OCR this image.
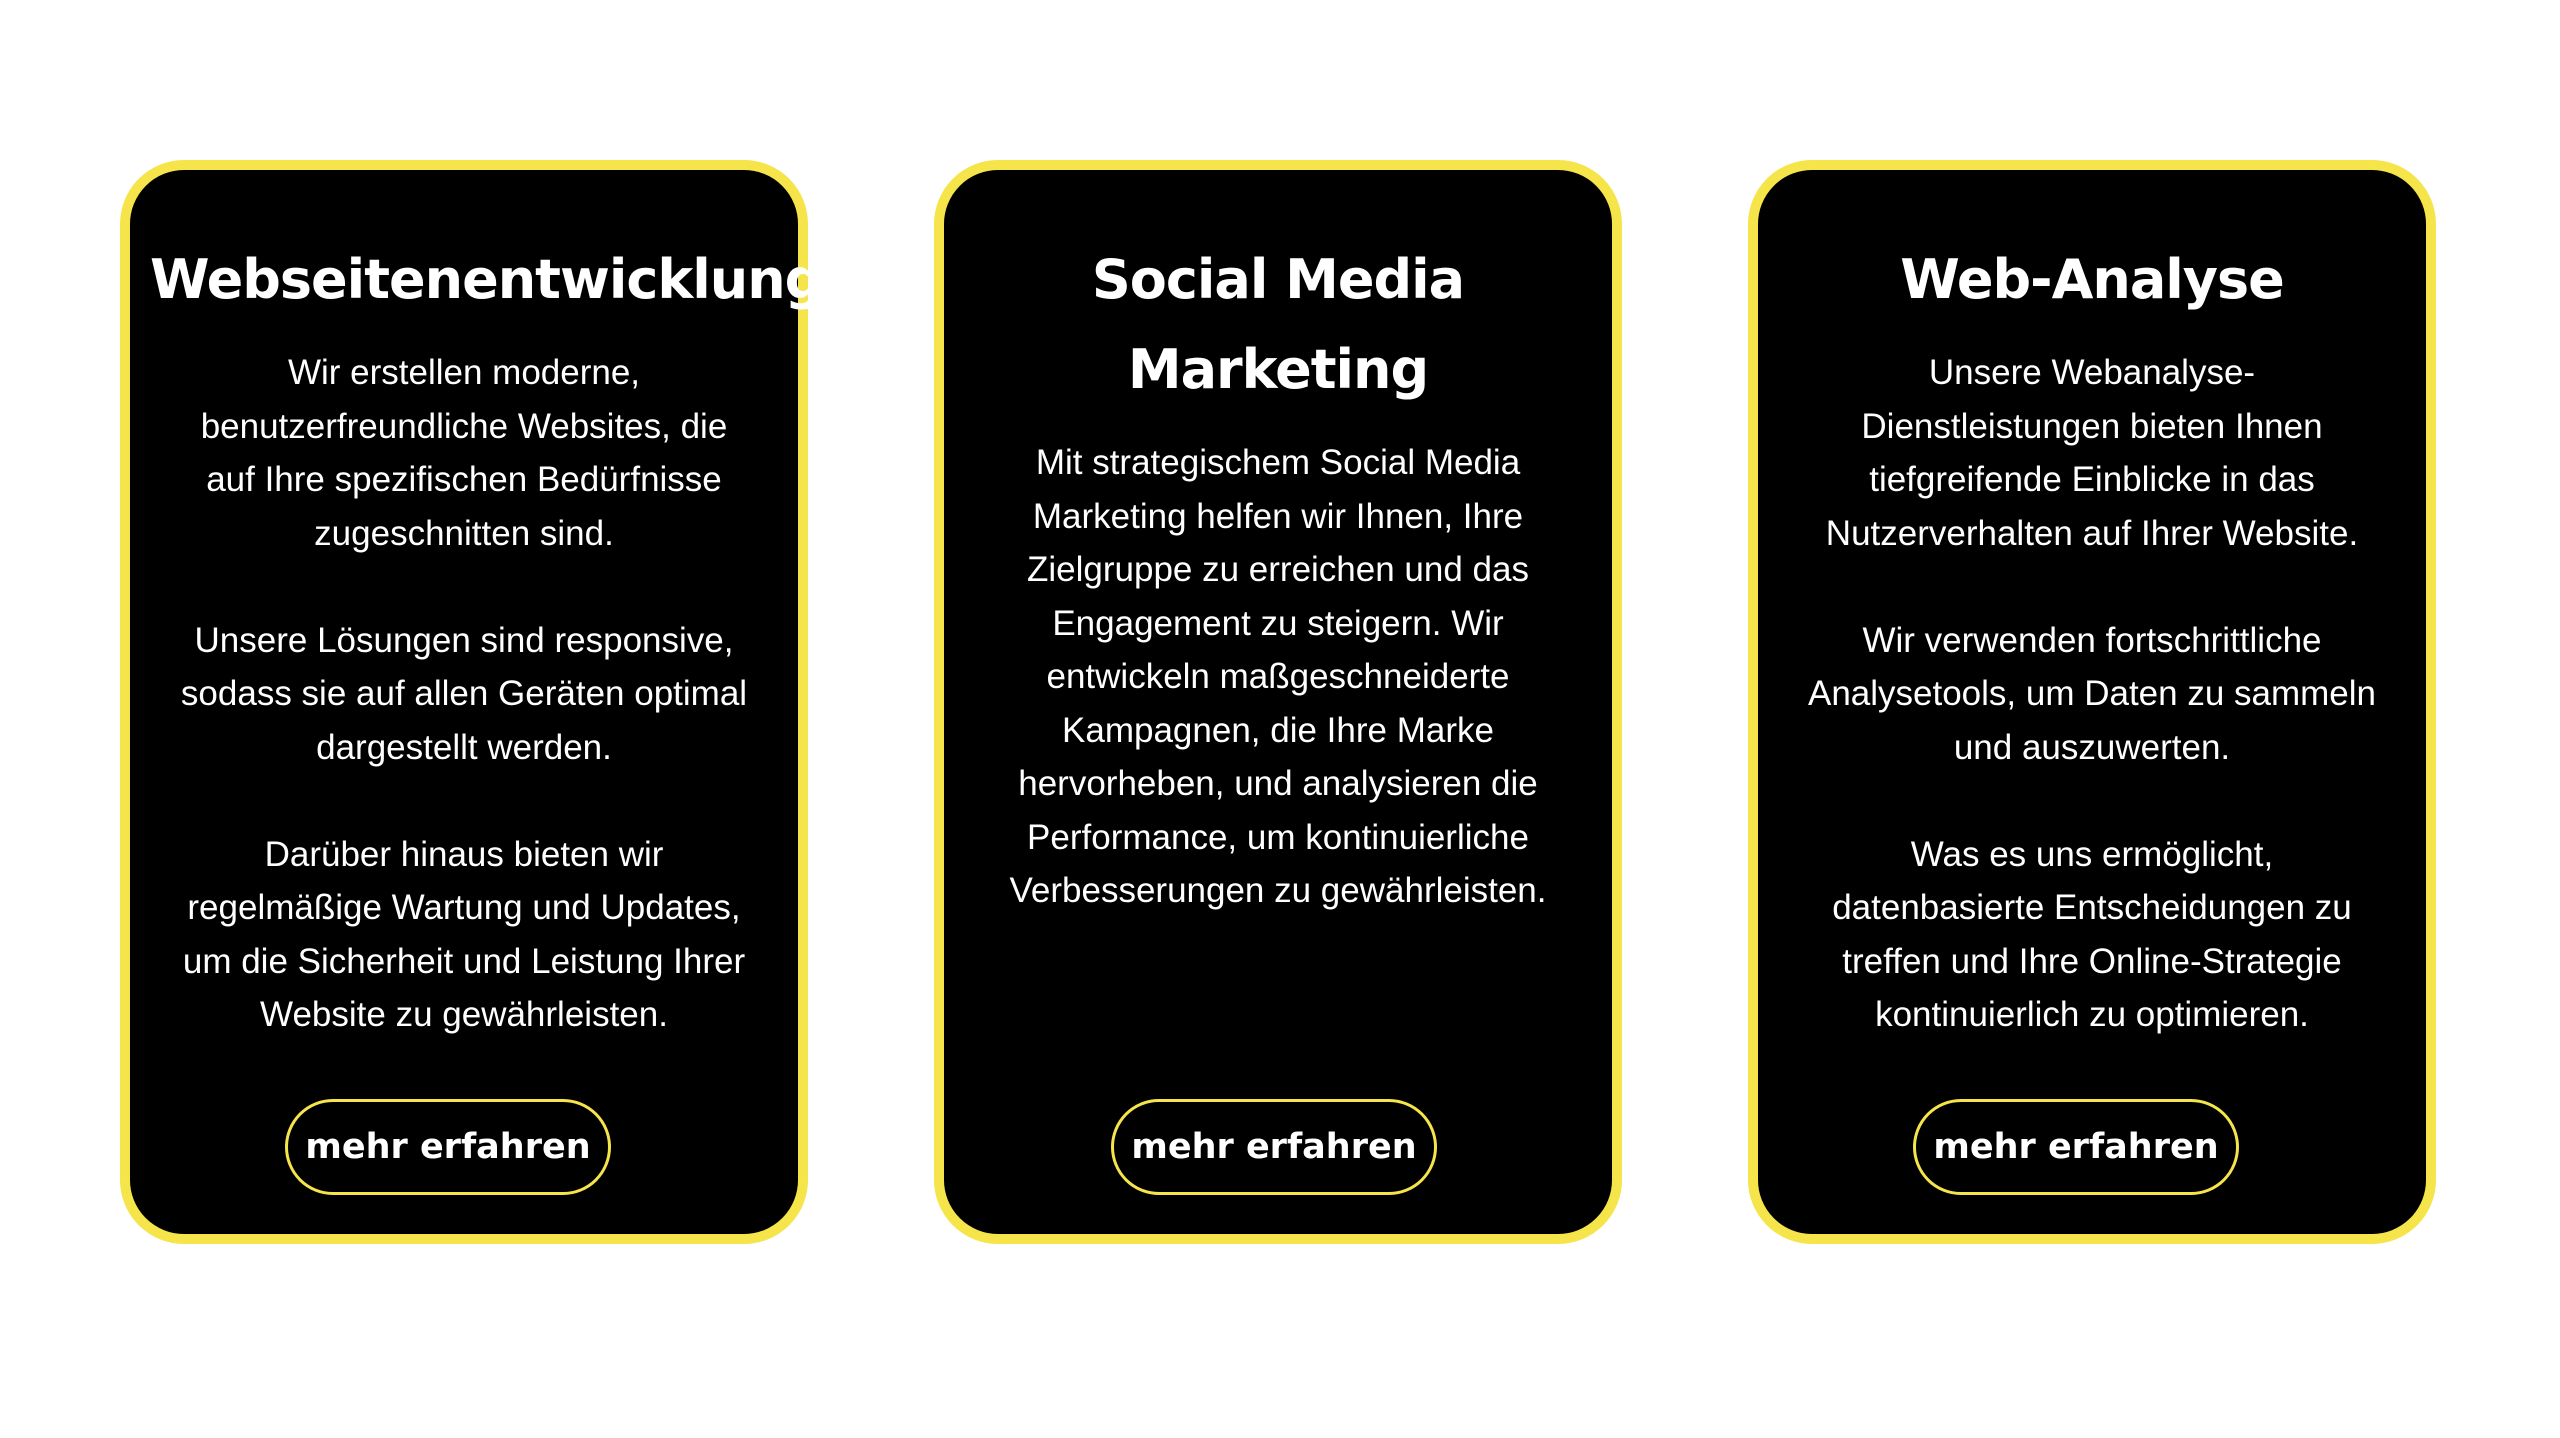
Webseitenentwicklung

Wir erstellen moderne, benutzerfreundliche Websites, die auf Ihre spezifischen Bedürfnisse zugeschnitten sind.

Unsere Lösungen sind responsive, sodass sie auf allen Geräten optimal dargestellt werden.

Darüber hinaus bieten wir regelmäßige Wartung und Updates, um die Sicherheit und Leistung Ihrer Website zu gewährleisten.

mehr erfahren
Social Media Marketing

Mit strategischem Social Media Marketing helfen wir Ihnen, Ihre Zielgruppe zu erreichen und das Engagement zu steigern. Wir entwickeln maßgeschneiderte Kampagnen, die Ihre Marke hervorheben, und analysieren die Performance, um kontinuierliche Verbesserungen zu gewährleisten.

mehr erfahren
Web-Analyse

Unsere Webanalyse-Dienstleistungen bieten Ihnen tiefgreifende Einblicke in das Nutzerverhalten auf Ihrer Website.

Wir verwenden fortschrittliche Analysetools, um Daten zu sammeln und auszuwerten.

Was es uns ermöglicht, datenbasierte Entscheidungen zu treffen und Ihre Online-Strategie kontinuierlich zu optimieren.

mehr erfahren
